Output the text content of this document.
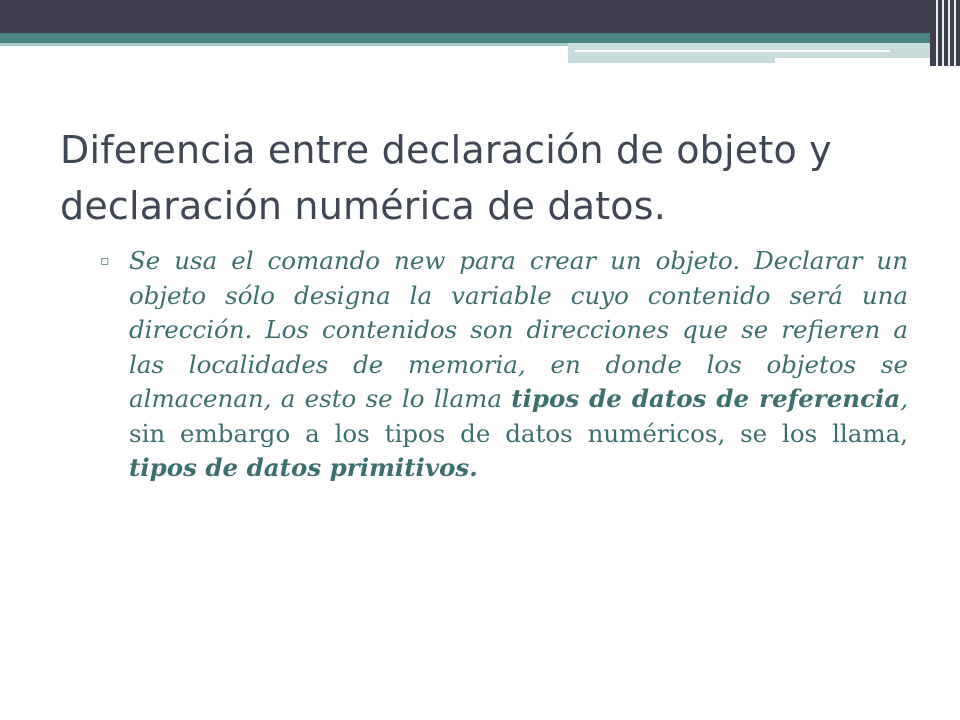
Diferencia entre declaración de objeto y declaración numérica de datos.
▫ Se usa el comando new para crear un objeto. Declarar un objeto sólo designa la variable cuyo contenido será una dirección. Los contenidos son direcciones que se refieren a las localidades de memoria, en donde los objetos se almacenan, a esto se lo llama tipos de datos de referencia, sin embargo a los tipos de datos numéricos, se los llama, tipos de datos primitivos.
